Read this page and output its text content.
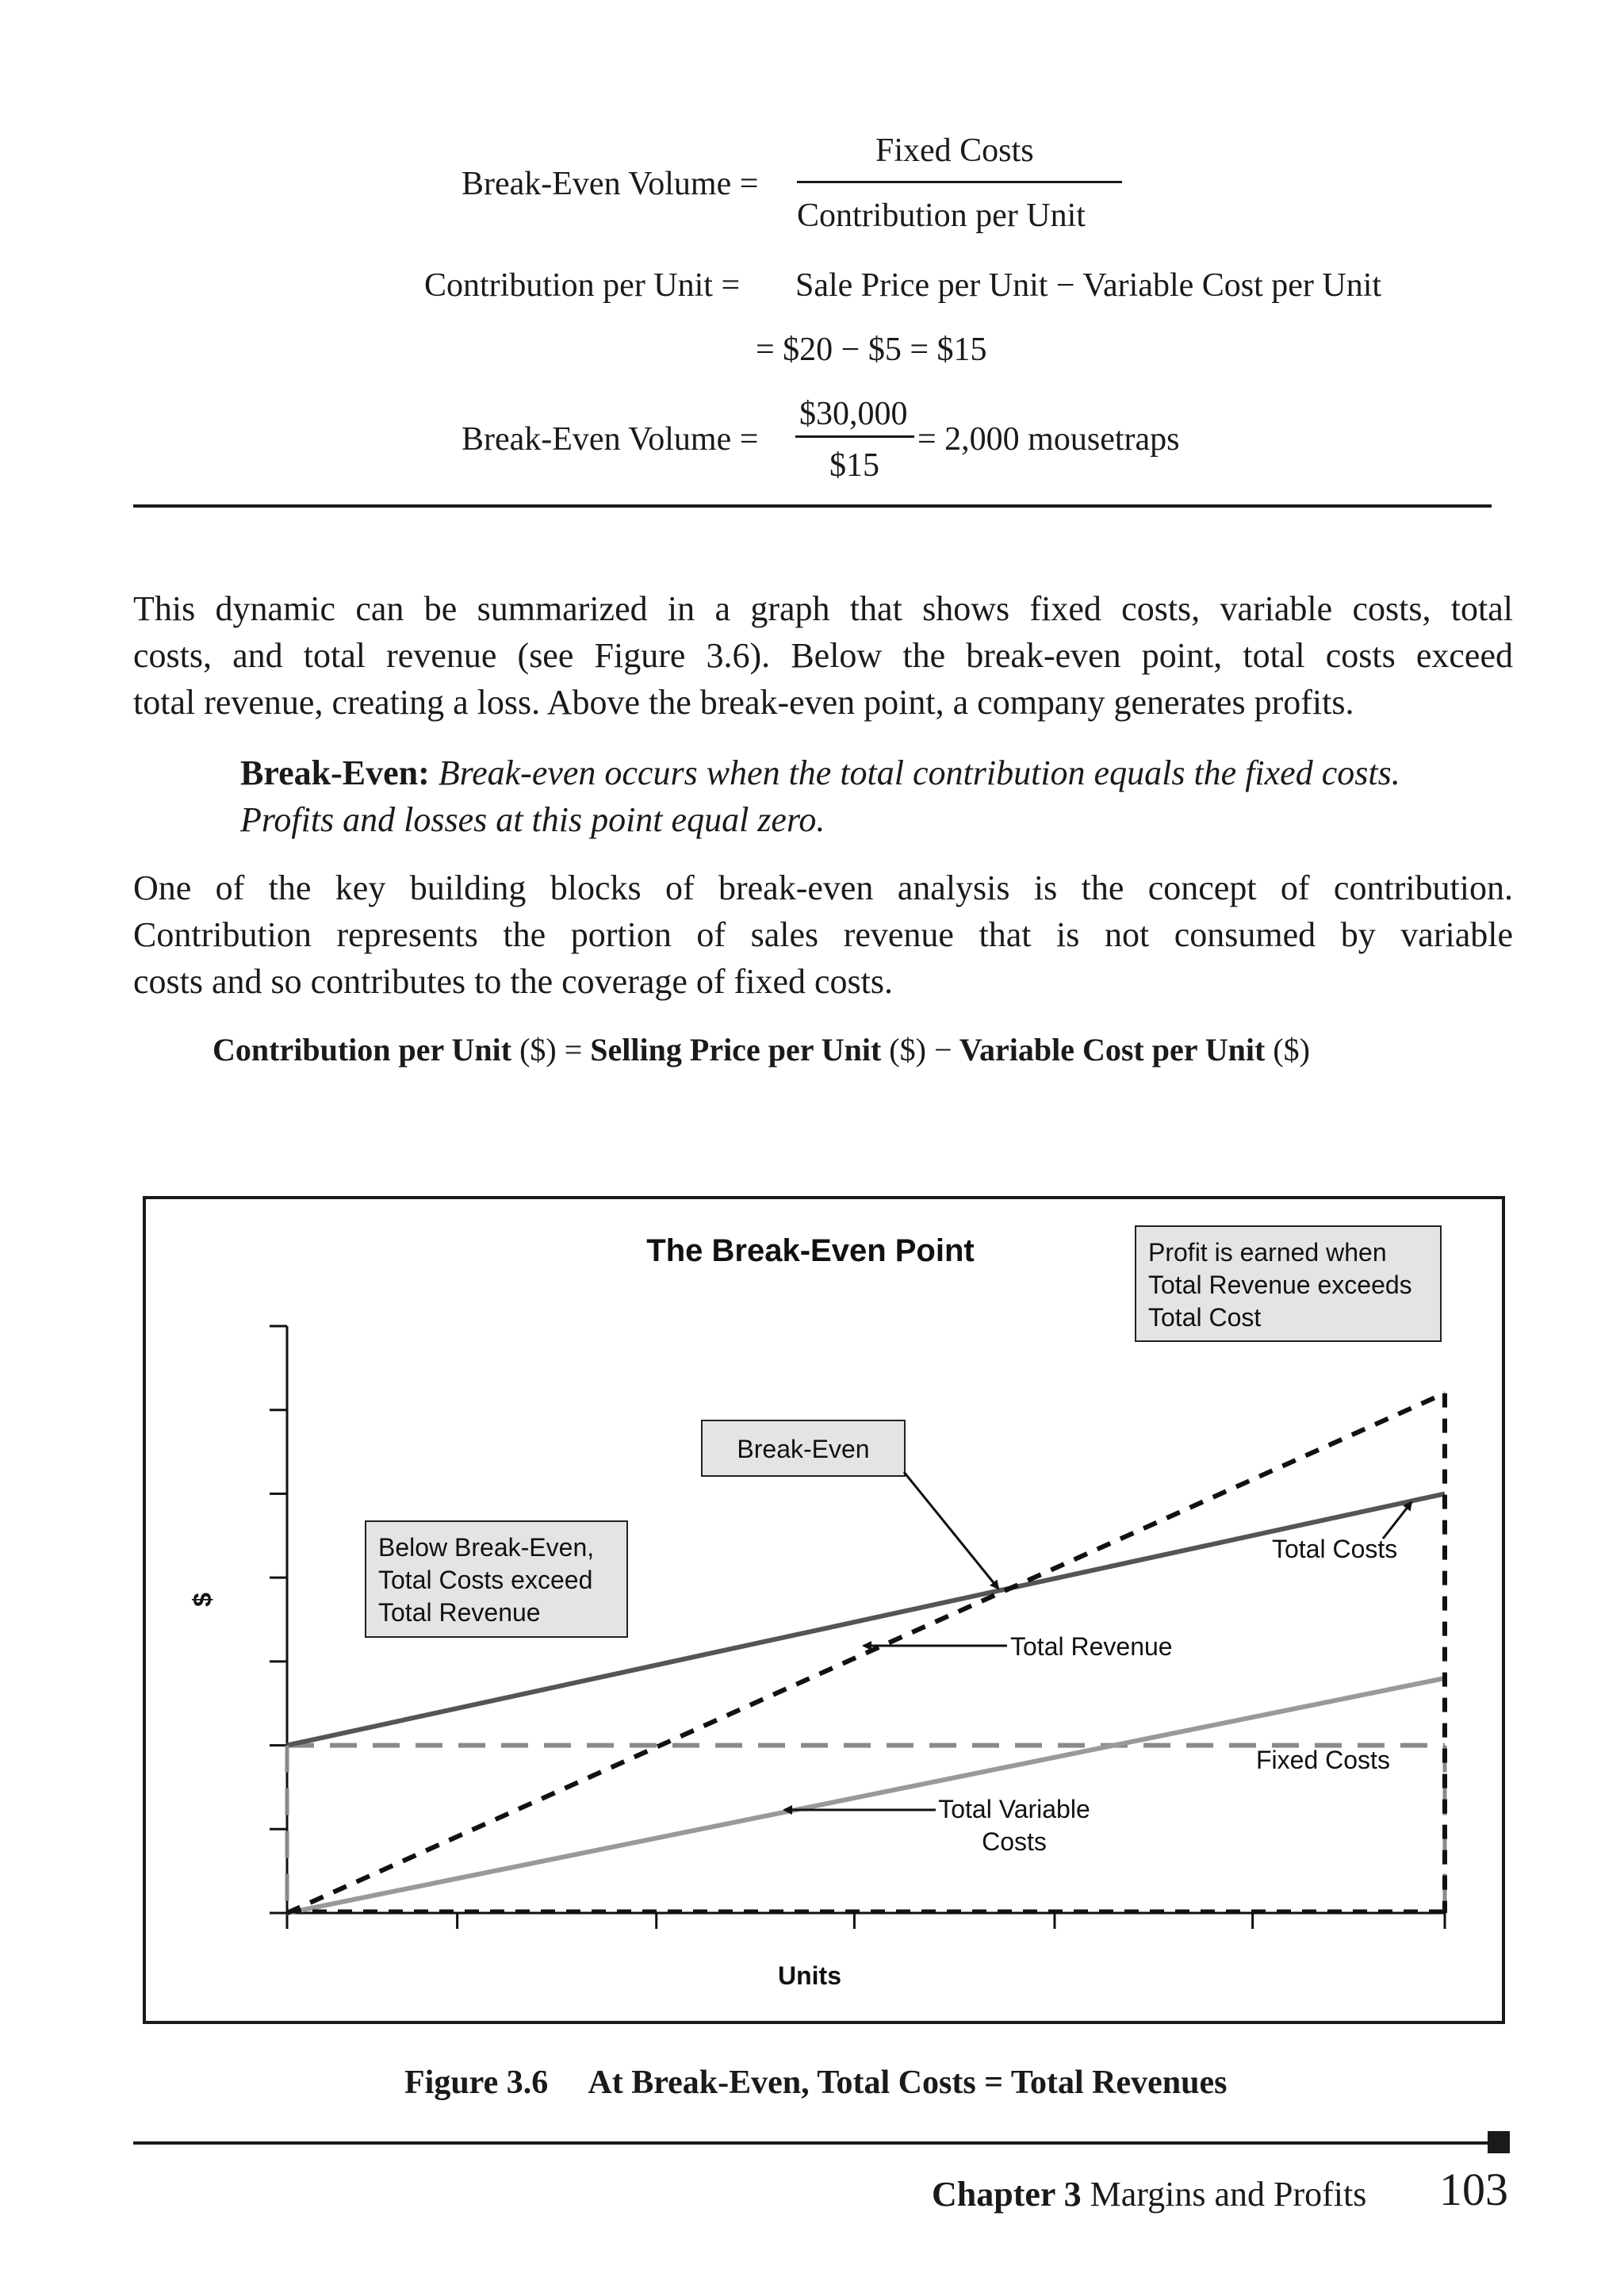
Break-Even Volume =
Fixed Costs
Contribution per Unit
Contribution per Unit = Sale Price per Unit − Variable Cost per Unit
= $20 − $5 = $15
Break-Even Volume =
$30,000
$15
= 2,000 mousetraps
This dynamic can be summarized in a graph that shows fixed costs, variable costs, total
costs, and total revenue (see Figure 3.6). Below the break-even point, total costs exceed
total revenue, creating a loss. Above the break-even point, a company generates profits.
Break-Even: Break-even occurs when the total contribution equals the fixed costs.
Profits and losses at this point equal zero.
One of the key building blocks of break-even analysis is the concept of contribution.
Contribution represents the portion of sales revenue that is not consumed by variable
costs and so contributes to the coverage of fixed costs.
Contribution per Unit ($) = Selling Price per Unit ($) − Variable Cost per Unit ($)
The Break-Even Point
Units
$
Profit is earned when
Total Revenue exceeds
Total Cost
Break-Even
Below Break-Even,
Total Costs exceed
Total Revenue
Total Costs
Total Revenue
Fixed Costs
Total Variable
Costs
Figure 3.6 At Break-Even, Total Costs = Total Revenues
Chapter 3 Margins and Profits 103
